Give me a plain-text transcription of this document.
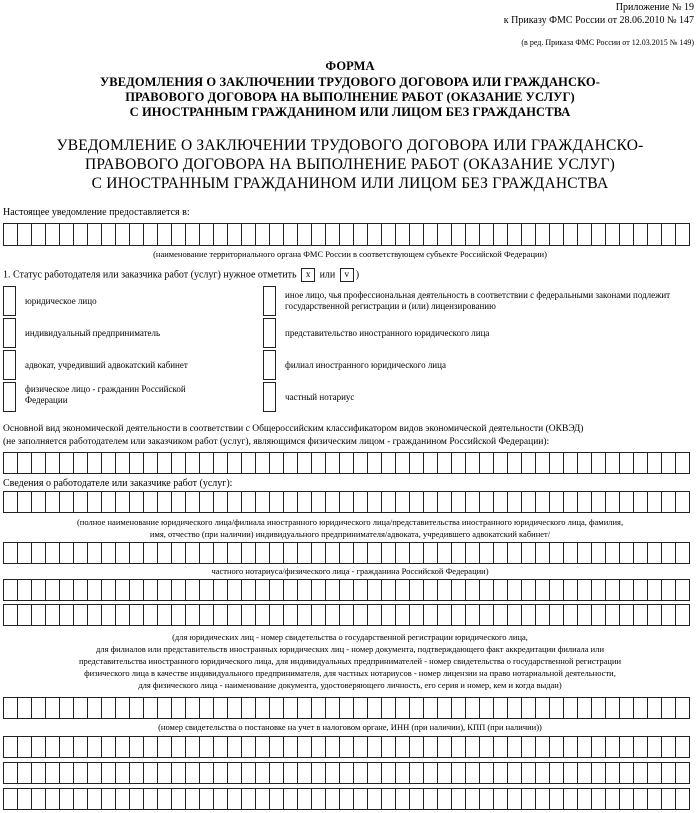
Приложение № 19
к Приказу ФМС России от 28.06.2010 № 147
(в ред. Приказа ФМС России от 12.03.2015 № 149)
ФОРМА
УВЕДОМЛЕНИЯ О ЗАКЛЮЧЕНИИ ТРУДОВОГО ДОГОВОРА ИЛИ ГРАЖДАНСКО-
ПРАВОВОГО ДОГОВОРА НА ВЫПОЛНЕНИЕ РАБОТ (ОКАЗАНИЕ УСЛУГ)
С ИНОСТРАННЫМ ГРАЖДАНИНОМ ИЛИ ЛИЦОМ БЕЗ ГРАЖДАНСТВА
УВЕДОМЛЕНИЕ О ЗАКЛЮЧЕНИИ ТРУДОВОГО ДОГОВОРА ИЛИ ГРАЖДАНСКО-
ПРАВОВОГО ДОГОВОРА НА ВЫПОЛНЕНИЕ РАБОТ (ОКАЗАНИЕ УСЛУГ)
С ИНОСТРАННЫМ ГРАЖДАНИНОМ ИЛИ ЛИЦОМ БЕЗ ГРАЖДАНСТВА
Настоящее уведомление предоставляется в:
(наименование территориального органа ФМС России в соответствующем субъекте Российской Федерации)
1. Статус работодателя или заказчика работ (услуг) нужное отметить x или v )
юридическое лицо
индивидуальный предприниматель
адвокат, учредивший адвокатский кабинет
физическое лицо - гражданин Российской Федерации
иное лицо, чья профессиональная деятельность в соответствии с федеральными законами подлежит государственной регистрации и (или) лицензированию
представительство иностранного юридического лица
филиал иностранного юридического лица
частный нотариус
Основной вид экономической деятельности в соответствии с Общероссийским классификатором видов экономической деятельности (ОКВЭД)
(не заполняется работодателем или заказчиком работ (услуг), являющимся физическим лицом - гражданином Российской Федерации):
Сведения о работодателе или заказчике работ (услуг):
(полное наименование юридического лица/филиала иностранного юридического лица/представительства иностранного юридического лица, фамилия,
имя, отчество (при наличии) индивидуального предпринимателя/адвоката, учредившего адвокатский кабинет/
частного нотариуса/физического лица - гражданина Российской Федерации)
(для юридических лиц - номер свидетельства о государственной регистрации юридического лица,
для филиалов или представительств иностранных юридических лиц - номер документа, подтверждающего факт аккредитации филиала или
представительства иностранного юридического лица, для индивидуальных предпринимателей - номер свидетельства о государственной регистрации
физического лица в качестве индивидуального предпринимателя, для частных нотариусов - номер лицензии на право нотариальной деятельности,
для физического лица - наименование документа, удостоверяющего личность, его серия и номер, кем и когда выдан)
(номер свидетельства о постановке на учет в налоговом органе, ИНН (при наличии), КПП (при наличии))
